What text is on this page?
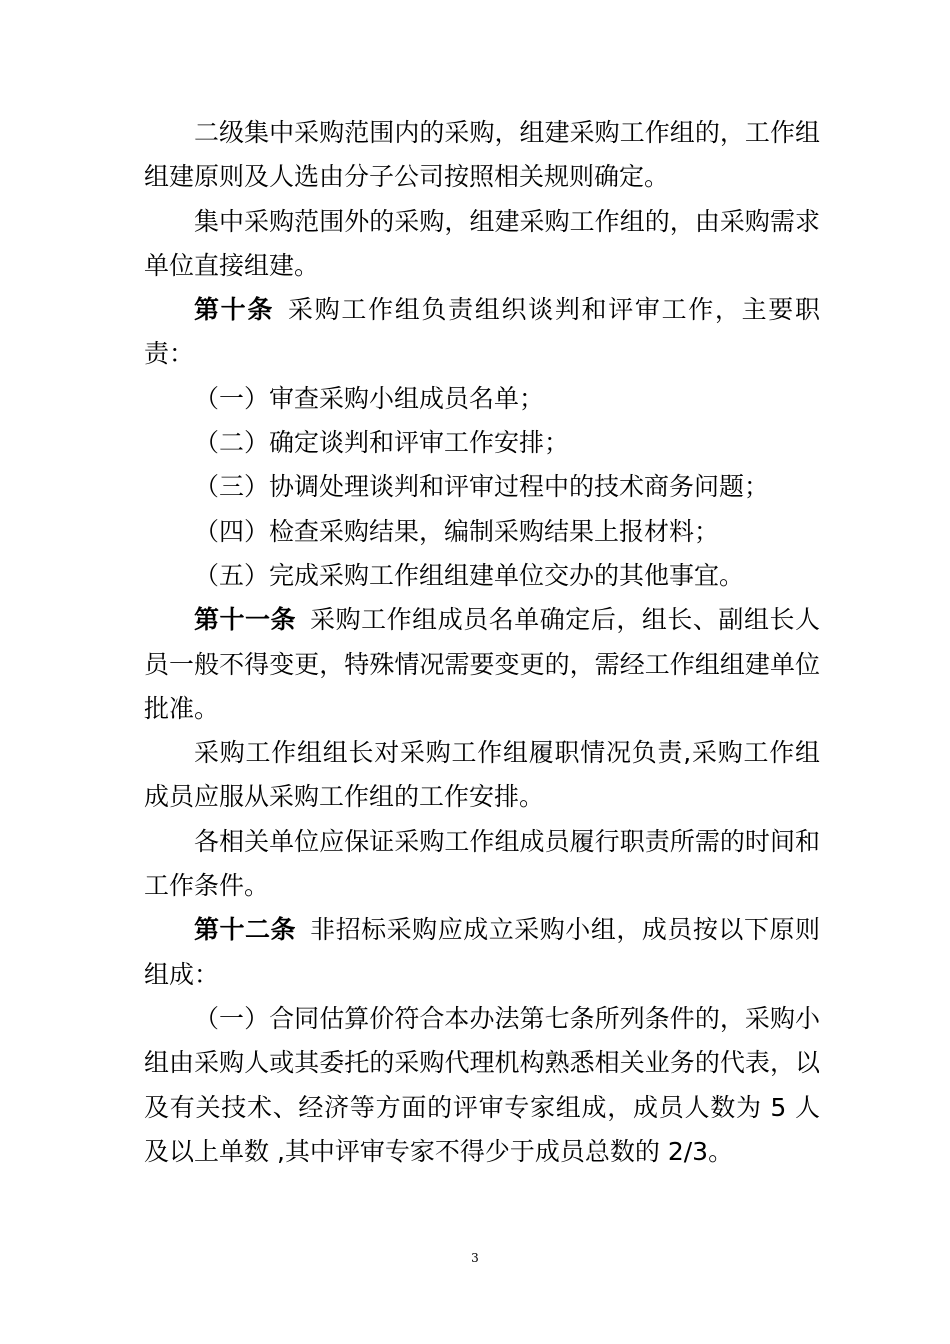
二级集中采购范围内的采购，组建采购工作组的，工作组组建原则及人选由分子公司按照相关规则确定。

集中采购范围外的采购，组建采购工作组的，由采购需求单位直接组建。

第十条 采购工作组负责组织谈判和评审工作，主要职责：

（一）审查采购小组成员名单；

（二）确定谈判和评审工作安排；

（三）协调处理谈判和评审过程中的技术商务问题；

（四）检查采购结果，编制采购结果上报材料；

（五）完成采购工作组组建单位交办的其他事宜。

第十一条 采购工作组成员名单确定后，组长、副组长人员一般不得变更，特殊情况需要变更的，需经工作组组建单位批准。

采购工作组组长对采购工作组履职情况负责,采购工作组成员应服从采购工作组的工作安排。

各相关单位应保证采购工作组成员履行职责所需的时间和工作条件。

第十二条 非招标采购应成立采购小组，成员按以下原则组成：

（一）合同估算价符合本办法第七条所列条件的，采购小组由采购人或其委托的采购代理机构熟悉相关业务的代表，以及有关技术、经济等方面的评审专家组成，成员人数为 5 人及以上单数 ,其中评审专家不得少于成员总数的 2/3。

3
